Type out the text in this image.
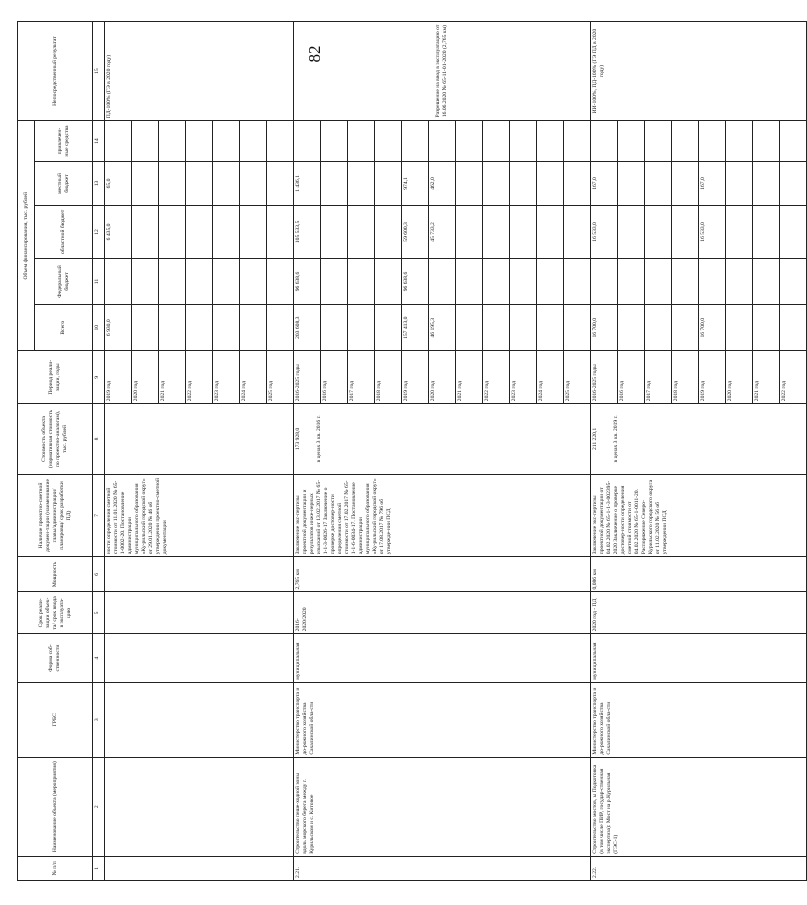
82
№ п/п	Наименование объекта (мероприятия)	ГРБС	Форма соб-ственности	Срок реали-зации объек-та/ срок ввода в эксплуата-цию	Мощность	Наличие проектно-сметной докумен-тации (наименование главы/администрации/ планировщ/ срок разработки ПД)	Стоимость объекта (нормативная стоимость по проектно-аналогам), тыс. рублей	Период реали-зации, годы	Объем финансирования, тыс. рублей					Непосредственный результат
									Всего	Федеральный бюджет	областной бюджет	местный бюджет	привлечен-ные средства	
1	2	3	4	5	6	7	8	9	10	11	12	13	14	15
						ности определения сметной стоимости от 11.01.2020 № 65-1-0002-20. Постановление администрации муниципального образования «Ку-рильский городской округ» от 29.01.2020 № 46 об утверждении проектно-сметной документации		2019 год	6 930,0		6 435,0	65,0		ПД-100% (ГЭ в 2020 году)
								2020 год						
								2021 год						
								2022 год						
								2023 год						
								2024 год						
								2025 год						
2.21.	Строительство пеше-ходной зоны вдоль морского берега между г. Курильском и с. Китовое	Министерство транспорта и до-рожного хозяйства Сахалинской обла-сти	муниципальная	2016-2020/2020	2,765 км	Заключение экс-пертизы проектной документации и результатов инже-нерных изысканий от 13.02.2017 № 65-1-1-3-0026-17 Заключение о проверке достовер-ности определения сметной стоимости от 17.02.2017 № 65-1-1-6-0034-17. Постановление администрации муниципального образования «Ку-рильский городской округ» от 17.08.2017 № 796 об утвержде-нии ПСД	173 928,0 в ценах 3 кв. 2016 г.	2016-2025 годы	203 608,3	96 638,6	105 533,5	1 436,1		Разрешение на ввод в эксплуатацию от 16.06.2020 № 65-11-01-2020 (2,765 км)
								2016 год						
								2017 год						
								2018 год						
								2019 год	157 413,0	96 638,6	59 600,3	974,1		
								2020 год	46 195,3		45 733,2	462,0		
								2021 год						
								2022 год						
								2023 год						
								2024 год						
								2025 год						
2.22.	Строительство мостов, ы Подкотовка (в том числе ПИР, государ-ственная экспертиза): Мост на р.Курильная (ГЭС-1)	Министерство транспорта и до-рожного хозяйства Сахалинской обла-сти	муниципальная	2020 год - ПД	0,086 км	Заключение экс-пертизы проектной документации от 04.02.2020 № 65-1-1-3-002395-2020 Заключение о проверке достовер-ности определения сметной стоимости от 04.02.2020 № 65-1-0011-20. Распоряжение Северо-Курильского городского округа от 11.02.2020 № 56 об утверждении ПСД	211 220,1 в ценах 3 кв. 2019 г.	2016-2025 годы	16 700,0		16 533,0	167,0		ИИ-100%, ПД-100% (ГЭ ПД в 2020 году)
								2016 год						
								2017 год						
								2018 год						
								2019 год	16 700,0		16 533,0	167,0		
								2020 год						
								2021 год						
								2022 год						
